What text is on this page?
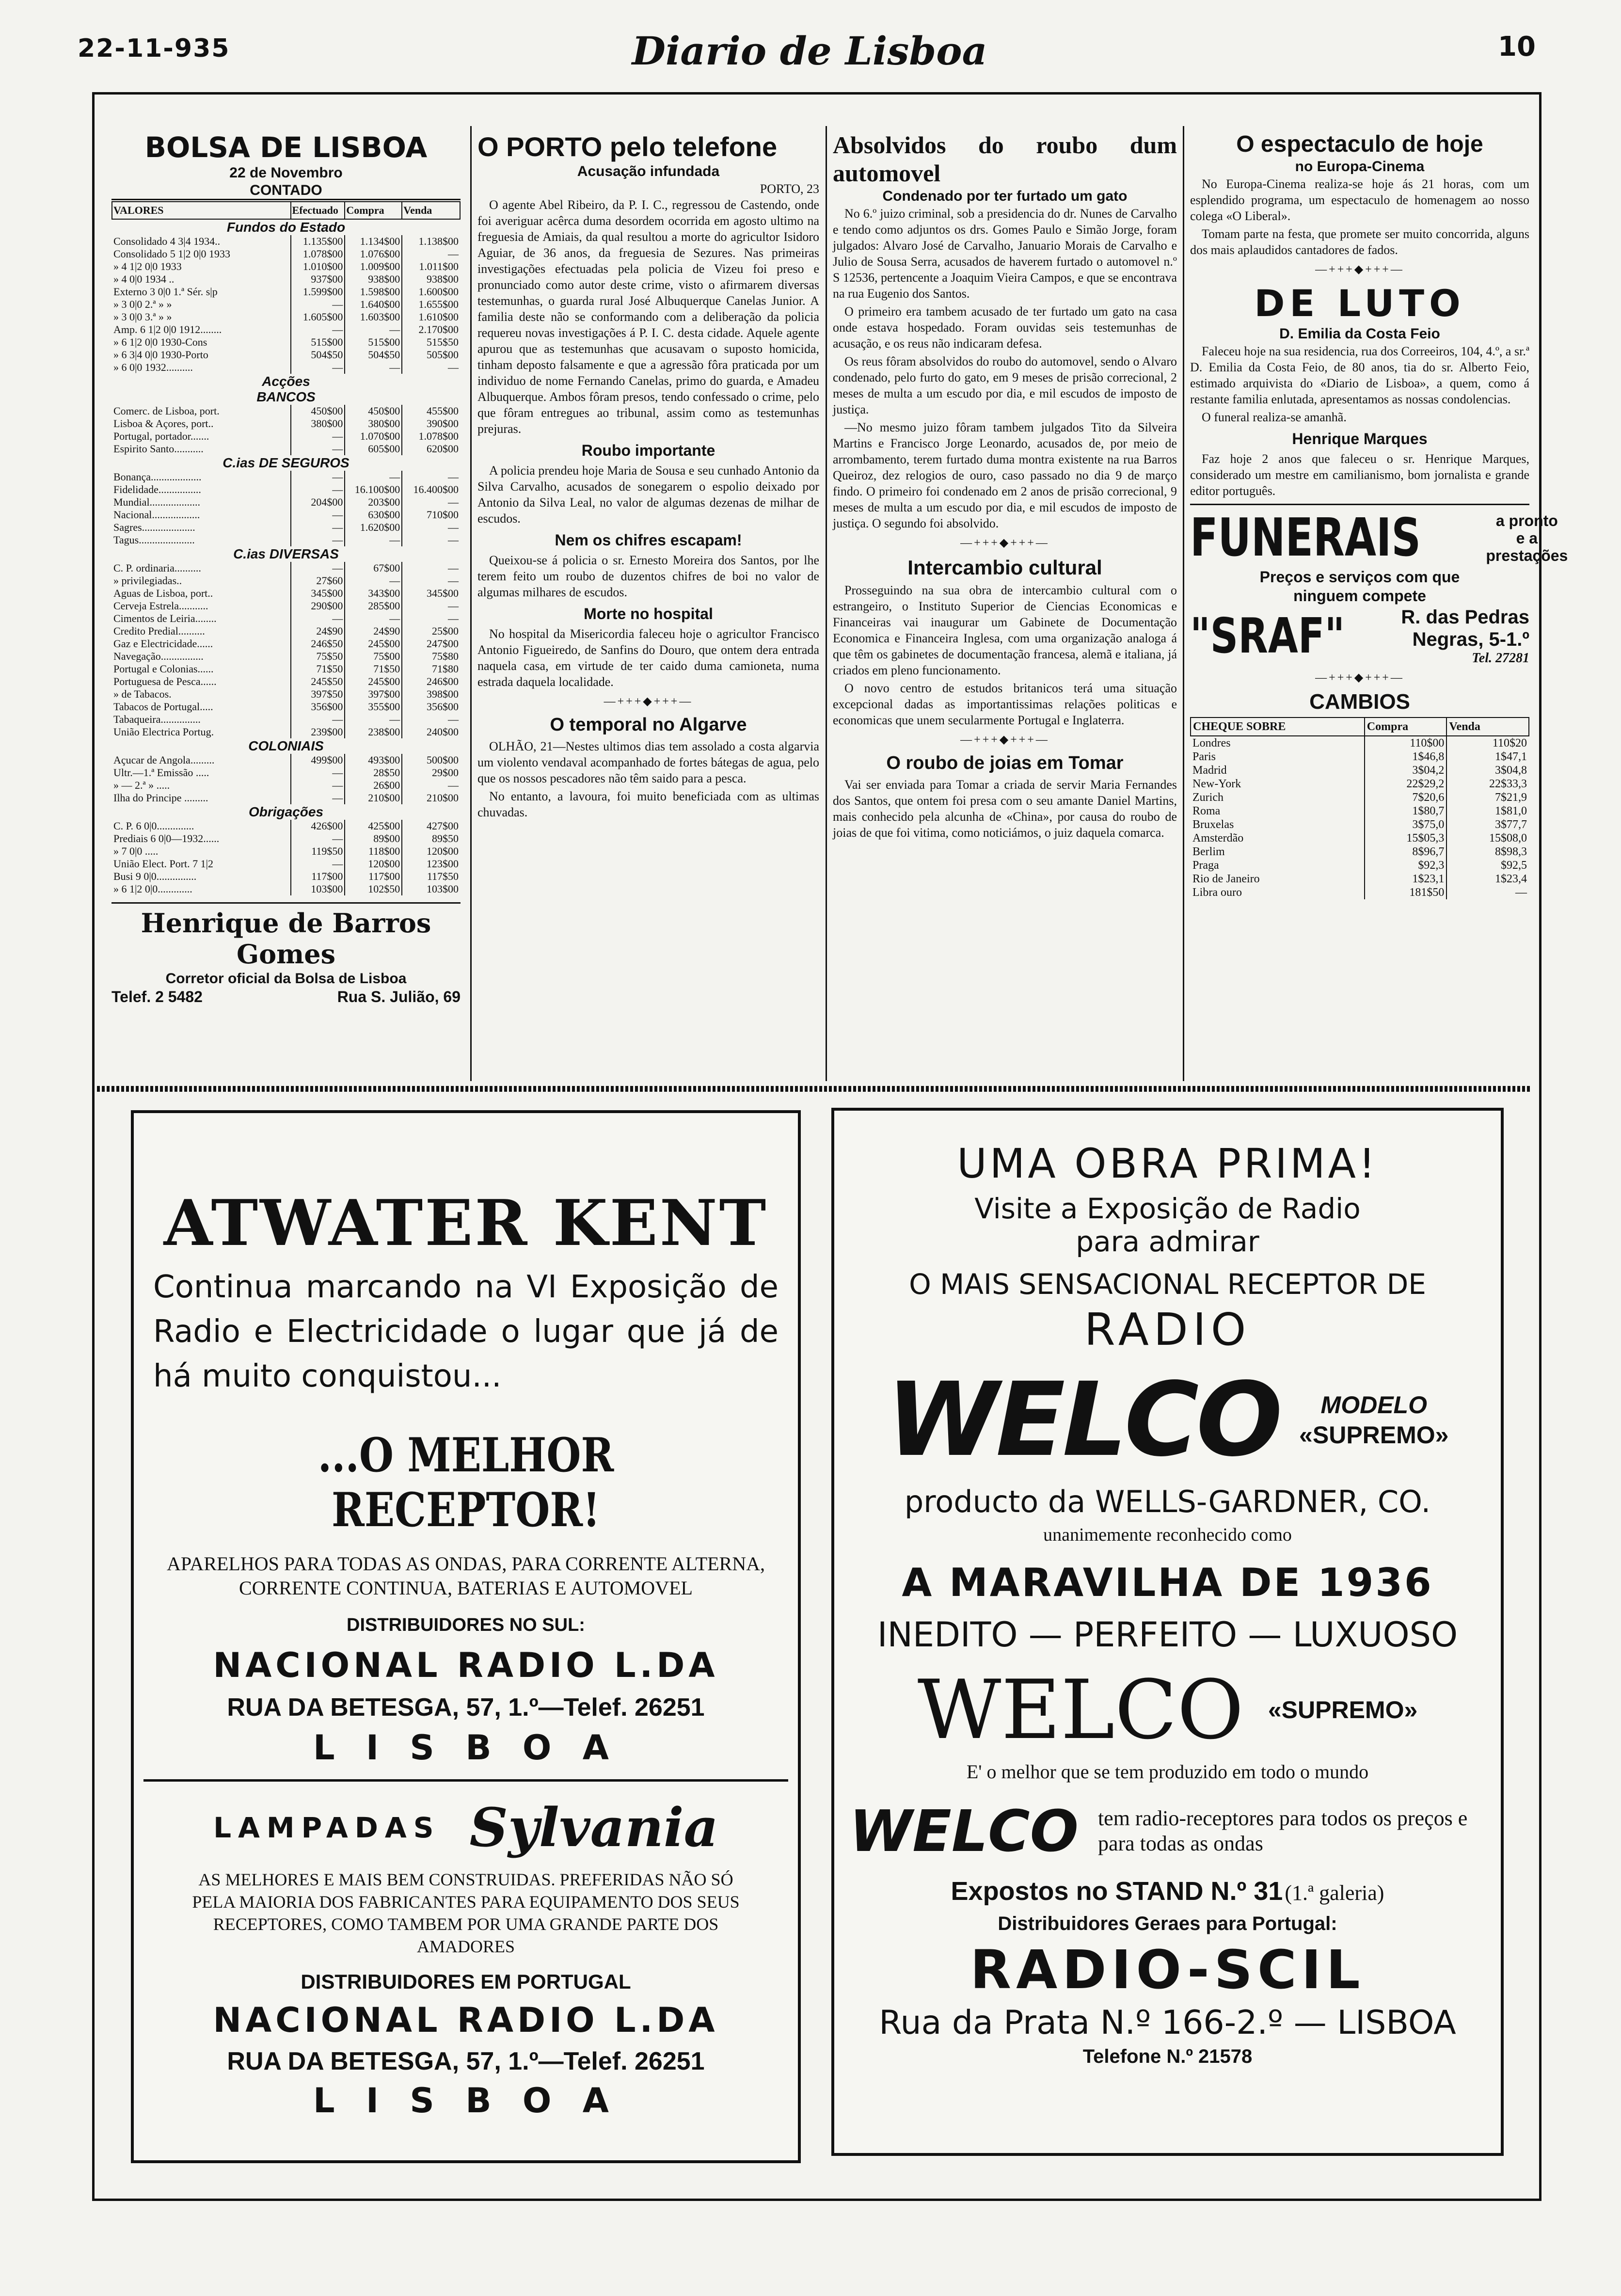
22-11-935	Diario de Lisboa	10
BOLSA DE LISBOA
22 de Novembro
CONTADO
VALORES	Efectuado	Compra	Venda
Fundos do Estado			
Consolidado 4 3|4 1934..	1.135$00	1.134$00	1.138$00
Consolidado 5 1|2 0|0 1933	1.078$00	1.076$00	—
» 4 1|2 0|0 1933	1.010$00	1.009$00	1.011$00
» 4 0|0 1934 ..	937$00	938$00	938$00
Externo 3 0|0 1.ª Sér. s|p	1.599$00	1.598$00	1.600$00
» 3 0|0 2.ª » »	—	1.640$00	1.655$00
» 3 0|0 3.ª » »	1.605$00	1.603$00	1.610$00
Amp. 6 1|2 0|0 1912........	—	—	2.170$00
» 6 1|2 0|0 1930-Cons	515$00	515$00	515$50
» 6 3|4 0|0 1930-Porto	504$50	504$50	505$00
» 6 0|0 1932..........	—	—	—
Acções			
BANCOS			
Comerc. de Lisboa, port.	450$00	450$00	455$00
Lisboa & Açores, port..	380$00	380$00	390$00
Portugal, portador.......	—	1.070$00	1.078$00
Espirito Santo...........	—	605$00	620$00
C.ias DE SEGUROS			
Bonança...................	—	—	—
Fidelidade................	—	16.100$00	16.400$00
Mundial...................	204$00	203$00	—
Nacional..................	—	630$00	710$00
Sagres....................	—	1.620$00	—
Tagus.....................	—	—	—
C.ias DIVERSAS			
C. P. ordinaria..........	—	67$00	—
» privilegiadas..	27$60	—	—
Aguas de Lisboa, port..	345$00	343$00	345$00
Cerveja Estrela...........	290$00	285$00	—
Cimentos de Leiria........	—	—	—
Credito Predial..........	24$90	24$90	25$00
Gaz e Electricidade......	246$50	245$00	247$00
Navegação................	75$50	75$00	75$80
Portugal e Colonias......	71$50	71$50	71$80
Portuguesa de Pesca......	245$50	245$00	246$00
» de Tabacos.	397$50	397$00	398$00
Tabacos de Portugal.....	356$00	355$00	356$00
Tabaqueira...............	—	—	—
União Electrica Portug.	239$00	238$00	240$00
COLONIAIS			
Açucar de Angola.........	499$00	493$00	500$00
Ultr.—1.ª Emissão .....	—	28$50	29$00
» — 2.ª » .....	—	26$00	—
Ilha do Principe .........	—	210$00	210$00
Obrigações			
C. P. 6 0|0..............	426$00	425$00	427$00
Prediais 6 0|0—1932......	—	89$00	89$50
» 7 0|0 .....	119$50	118$00	120$00
União Elect. Port. 7 1|2	—	120$00	123$00
Busi 9 0|0...............	117$00	117$00	117$50
» 6 1|2 0|0.............	103$00	102$50	103$00
Henrique de Barros Gomes
Corretor oficial da Bolsa de Lisboa
Telef. 2 5482	Rua S. Julião, 69
O PORTO pelo telefone
Acusação infundada
PORTO, 23

O agente Abel Ribeiro, da P. I. C., regressou de Castendo, onde foi averiguar acêrca duma desordem ocorrida em agosto ultimo na freguesia de Amiais, da qual resultou a morte do agricultor Isidoro Aguiar, de 36 anos, da freguesia de Sezures. Nas primeiras investigações efectuadas pela policia de Vizeu foi preso e pronunciado como autor deste crime, visto o afirmarem diversas testemunhas, o guarda rural José Albuquerque Canelas Junior. A familia deste não se conformando com a deliberação da policia requereu novas investigações á P. I. C. desta cidade. Aquele agente apurou que as testemunhas que acusavam o suposto homicida, tinham deposto falsamente e que a agressão fôra praticada por um individuo de nome Fernando Canelas, primo do guarda, e Amadeu Albuquerque. Ambos fôram presos, tendo confessado o crime, pelo que fôram entregues ao tribunal, assim como as testemunhas prejuras.

Roubo importante

A policia prendeu hoje Maria de Sousa e seu cunhado Antonio da Silva Carvalho, acusados de sonegarem o espolio deixado por Antonio da Silva Leal, no valor de algumas dezenas de milhar de escudos.

Nem os chifres escapam!

Queixou-se á policia o sr. Ernesto Moreira dos Santos, por lhe terem feito um roubo de duzentos chifres de boi no valor de algumas milhares de escudos.

Morte no hospital

No hospital da Misericordia faleceu hoje o agricultor Francisco Antonio Figueiredo, de Sanfins do Douro, que ontem dera entrada naquela casa, em virtude de ter caido duma camioneta, numa estrada daquela localidade.

—+++◆+++—
O temporal no Algarve

OLHÃO, 21—Nestes ultimos dias tem assolado a costa algarvia um violento vendaval acompanhado de fortes bátegas de agua, pelo que os nossos pescadores não têm saido para a pesca.

No entanto, a lavoura, foi muito beneficiada com as ultimas chuvadas.

Absolvidos do roubo dum automovel
Condenado por ter furtado um gato

No 6.º juizo criminal, sob a presidencia do dr. Nunes de Carvalho e tendo como adjuntos os drs. Gomes Paulo e Simão Jorge, foram julgados: Alvaro José de Carvalho, Januario Morais de Carvalho e Julio de Sousa Serra, acusados de haverem furtado o automovel n.º S 12536, pertencente a Joaquim Vieira Campos, e que se encontrava na rua Eugenio dos Santos.

O primeiro era tambem acusado de ter furtado um gato na casa onde estava hospedado. Foram ouvidas seis testemunhas de acusação, e os reus não indicaram defesa.

Os reus fôram absolvidos do roubo do automovel, sendo o Alvaro condenado, pelo furto do gato, em 9 meses de prisão correcional, 2 meses de multa a um escudo por dia, e mil escudos de imposto de justiça.

—No mesmo juizo fôram tambem julgados Tito da Silveira Martins e Francisco Jorge Leonardo, acusados de, por meio de arrombamento, terem furtado duma montra existente na rua Barros Queiroz, dez relogios de ouro, caso passado no dia 9 de março findo. O primeiro foi condenado em 2 anos de prisão correcional, 9 meses de multa a um escudo por dia, e mil escudos de imposto de justiça. O segundo foi absolvido.

—+++◆+++—
Intercambio cultural

Prosseguindo na sua obra de intercambio cultural com o estrangeiro, o Instituto Superior de Ciencias Economicas e Financeiras vai inaugurar um Gabinete de Documentação Economica e Financeira Inglesa, com uma organização analoga á que têm os gabinetes de documentação francesa, alemã e italiana, já criados em pleno funcionamento.

O novo centro de estudos britanicos terá uma situação excepcional dadas as importantissimas relações politicas e economicas que unem secularmente Portugal e Inglaterra.

—+++◆+++—
O roubo de joias em Tomar

Vai ser enviada para Tomar a criada de servir Maria Fernandes dos Santos, que ontem foi presa com o seu amante Daniel Martins, mais conhecido pela alcunha de «China», por causa do roubo de joias de que foi vitima, como noticiámos, o juiz daquela comarca.

O espectaculo de hoje
no Europa-Cinema

No Europa-Cinema realiza-se hoje ás 21 horas, com um esplendido programa, um espectaculo de homenagem ao nosso colega «O Liberal».

Tomam parte na festa, que promete ser muito concorrida, alguns dos mais aplaudidos cantadores de fados.

—+++◆+++—
DE LUTO
D. Emilia da Costa Feio

Faleceu hoje na sua residencia, rua dos Correeiros, 104, 4.º, a sr.ª D. Emilia da Costa Feio, de 80 anos, tia do sr. Alberto Feio, estimado arquivista do «Diario de Lisboa», a quem, como á restante familia enlutada, apresentamos as nossas condolencias.

O funeral realiza-se amanhã.

Henrique Marques

Faz hoje 2 anos que faleceu o sr. Henrique Marques, considerado um mestre em camilianismo, bom jornalista e grande editor português.

FUNERAIS	a pronto
e a
prestações
Preços e serviços com que
ninguem compete
"SRAF"	R. das Pedras
Negras, 5-1.º
Tel. 27281
—+++◆+++—
CAMBIOS
CHEQUE SOBRE	Compra	Venda
Londres	110$00	110$20
Paris	1$46,8	1$47,1
Madrid	3$04,2	3$04,8
New-York	22$29,2	22$33,3
Zurich	7$20,6	7$21,9
Roma	1$80,7	1$81,0
Bruxelas	3$75,0	3$77,7
Amsterdão	15$05,3	15$08,0
Berlim	8$96,7	8$98,3
Praga	$92,3	$92,5
Rio de Janeiro	1$23,1	1$23,4
Libra ouro	181$50	—
ATWATER KENT
Continua marcando na VI Exposição de Radio e Electricidade o lugar que já de há muito conquistou...
...O MELHOR RECEPTOR!
APARELHOS PARA TODAS AS ONDAS, PARA CORRENTE ALTERNA, CORRENTE CONTINUA, BATERIAS E AUTOMOVEL
DISTRIBUIDORES NO SUL:
NACIONAL RADIO L.DA
RUA DA BETESGA, 57, 1.º—Telef. 26251
L I S B O A
LAMPADAS Sylvania
AS MELHORES E MAIS BEM CONSTRUIDAS. PREFERIDAS NÃO SÓ PELA MAIORIA DOS FABRICANTES PARA EQUIPAMENTO DOS SEUS RECEPTORES, COMO TAMBEM POR UMA GRANDE PARTE DOS AMADORES
DISTRIBUIDORES EM PORTUGAL
NACIONAL RADIO L.DA
RUA DA BETESGA, 57, 1.º—Telef. 26251
L I S B O A
UMA OBRA PRIMA!
Visite a Exposição de Radio
para admirar
O MAIS SENSACIONAL RECEPTOR DE
RADIO
WELCO	MODELO
«SUPREMO»
producto da WELLS-GARDNER, CO.
unanimemente reconhecido como
A MARAVILHA DE 1936
INEDITO — PERFEITO — LUXUOSO
WELCO «SUPREMO»
E' o melhor que se tem produzido em todo o mundo
WELCO tem radio-receptores para todos os preços e para todas as ondas
Expostos no STAND N.º 31 (1.ª galeria)
Distribuidores Geraes para Portugal:
RADIO-SCIL
Rua da Prata N.º 166-2.º — LISBOA
Telefone N.º 21578
